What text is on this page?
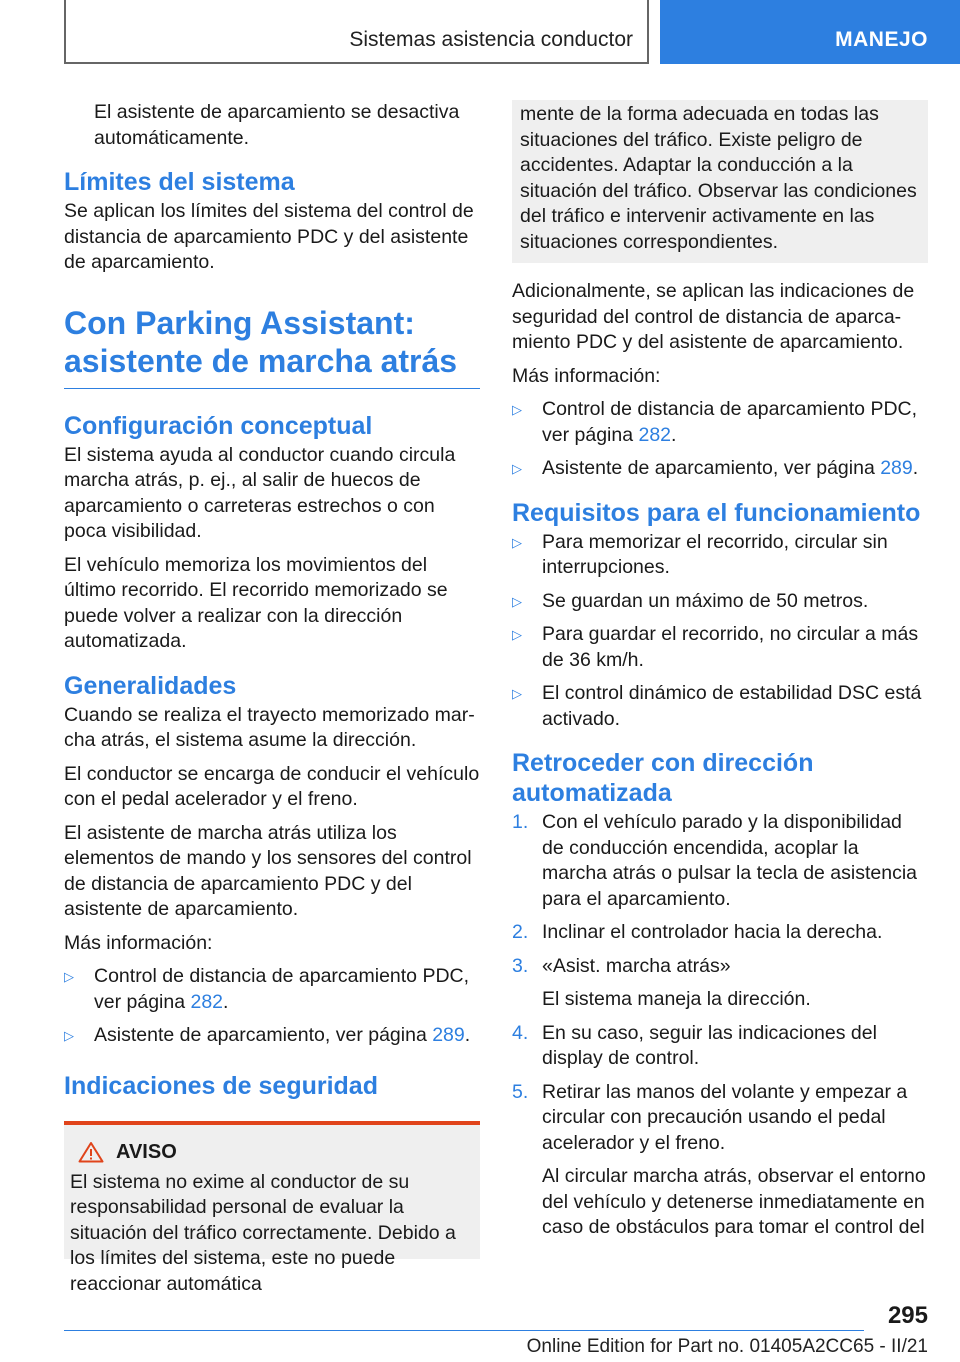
Sistemas asistencia conductor	MANEJO

El asistente de aparcamiento se desactiva automáticamente.

Límites del sistema

Se aplican los límites del sistema del control de distancia de aparcamiento PDC y del asistente de aparcamiento.

Con Parking Assistant:
asistente de marcha atrás
Configuración conceptual

El sistema ayuda al conductor cuando circula marcha atrás, p. ej., al salir de huecos de aparcamiento o carreteras estrechos o con poca visibilidad.

El vehículo memoriza los movimientos del último recorrido. El recorrido memorizado se puede volver a realizar con la dirección automatizada.

Generalidades

Cuando se realiza el trayecto memorizado marcha atrás, el sistema asume la dirección.

El conductor se encarga de conducir el vehículo con el pedal acelerador y el freno.

El asistente de marcha atrás utiliza los elementos de mando y los sensores del control de distancia de aparcamiento PDC y del asistente de aparcamiento.

Más información:

▷ Control de distancia de aparcamiento PDC, ver página 282.
▷ Asistente de aparcamiento, ver página 289.
Indicaciones de seguridad
AVISO

El sistema no exime al conductor de su responsabilidad personal de evaluar la situación del tráfico correctamente. Debido a los límites del sistema, este no puede reaccionar automática

mente de la forma adecuada en todas las situaciones del tráfico. Existe peligro de accidentes. Adaptar la conducción a la situación del tráfico. Observar las condiciones del tráfico e intervenir activamente en las situaciones correspondientes.

Adicionalmente, se aplican las indicaciones de seguridad del control de distancia de aparcamiento PDC y del asistente de aparcamiento.

Más información:

▷ Control de distancia de aparcamiento PDC, ver página 282.
▷ Asistente de aparcamiento, ver página 289.
Requisitos para el funcionamiento
▷ Para memorizar el recorrido, circular sin interrupciones.
▷ Se guardan un máximo de 50 metros.
▷ Para guardar el recorrido, no circular a más de 36 km/h.
▷ El control dinámico de estabilidad DSC está activado.
Retroceder con dirección automatizada
1. Con el vehículo parado y la disponibilidad de conducción encendida, acoplar la marcha atrás o pulsar la tecla de asistencia para el aparcamiento.
2. Inclinar el controlador hacia la derecha.
3. «Asist. marcha atrás»
El sistema maneja la dirección.
4. En su caso, seguir las indicaciones del display de control.
5. Retirar las manos del volante y empezar a circular con precaución usando el pedal acelerador y el freno.
Al circular marcha atrás, observar el entorno del vehículo y detenerse inmediatamente en caso de obstáculos para tomar el control del
295
Online Edition for Part no. 01405A2CC65 - II/21
